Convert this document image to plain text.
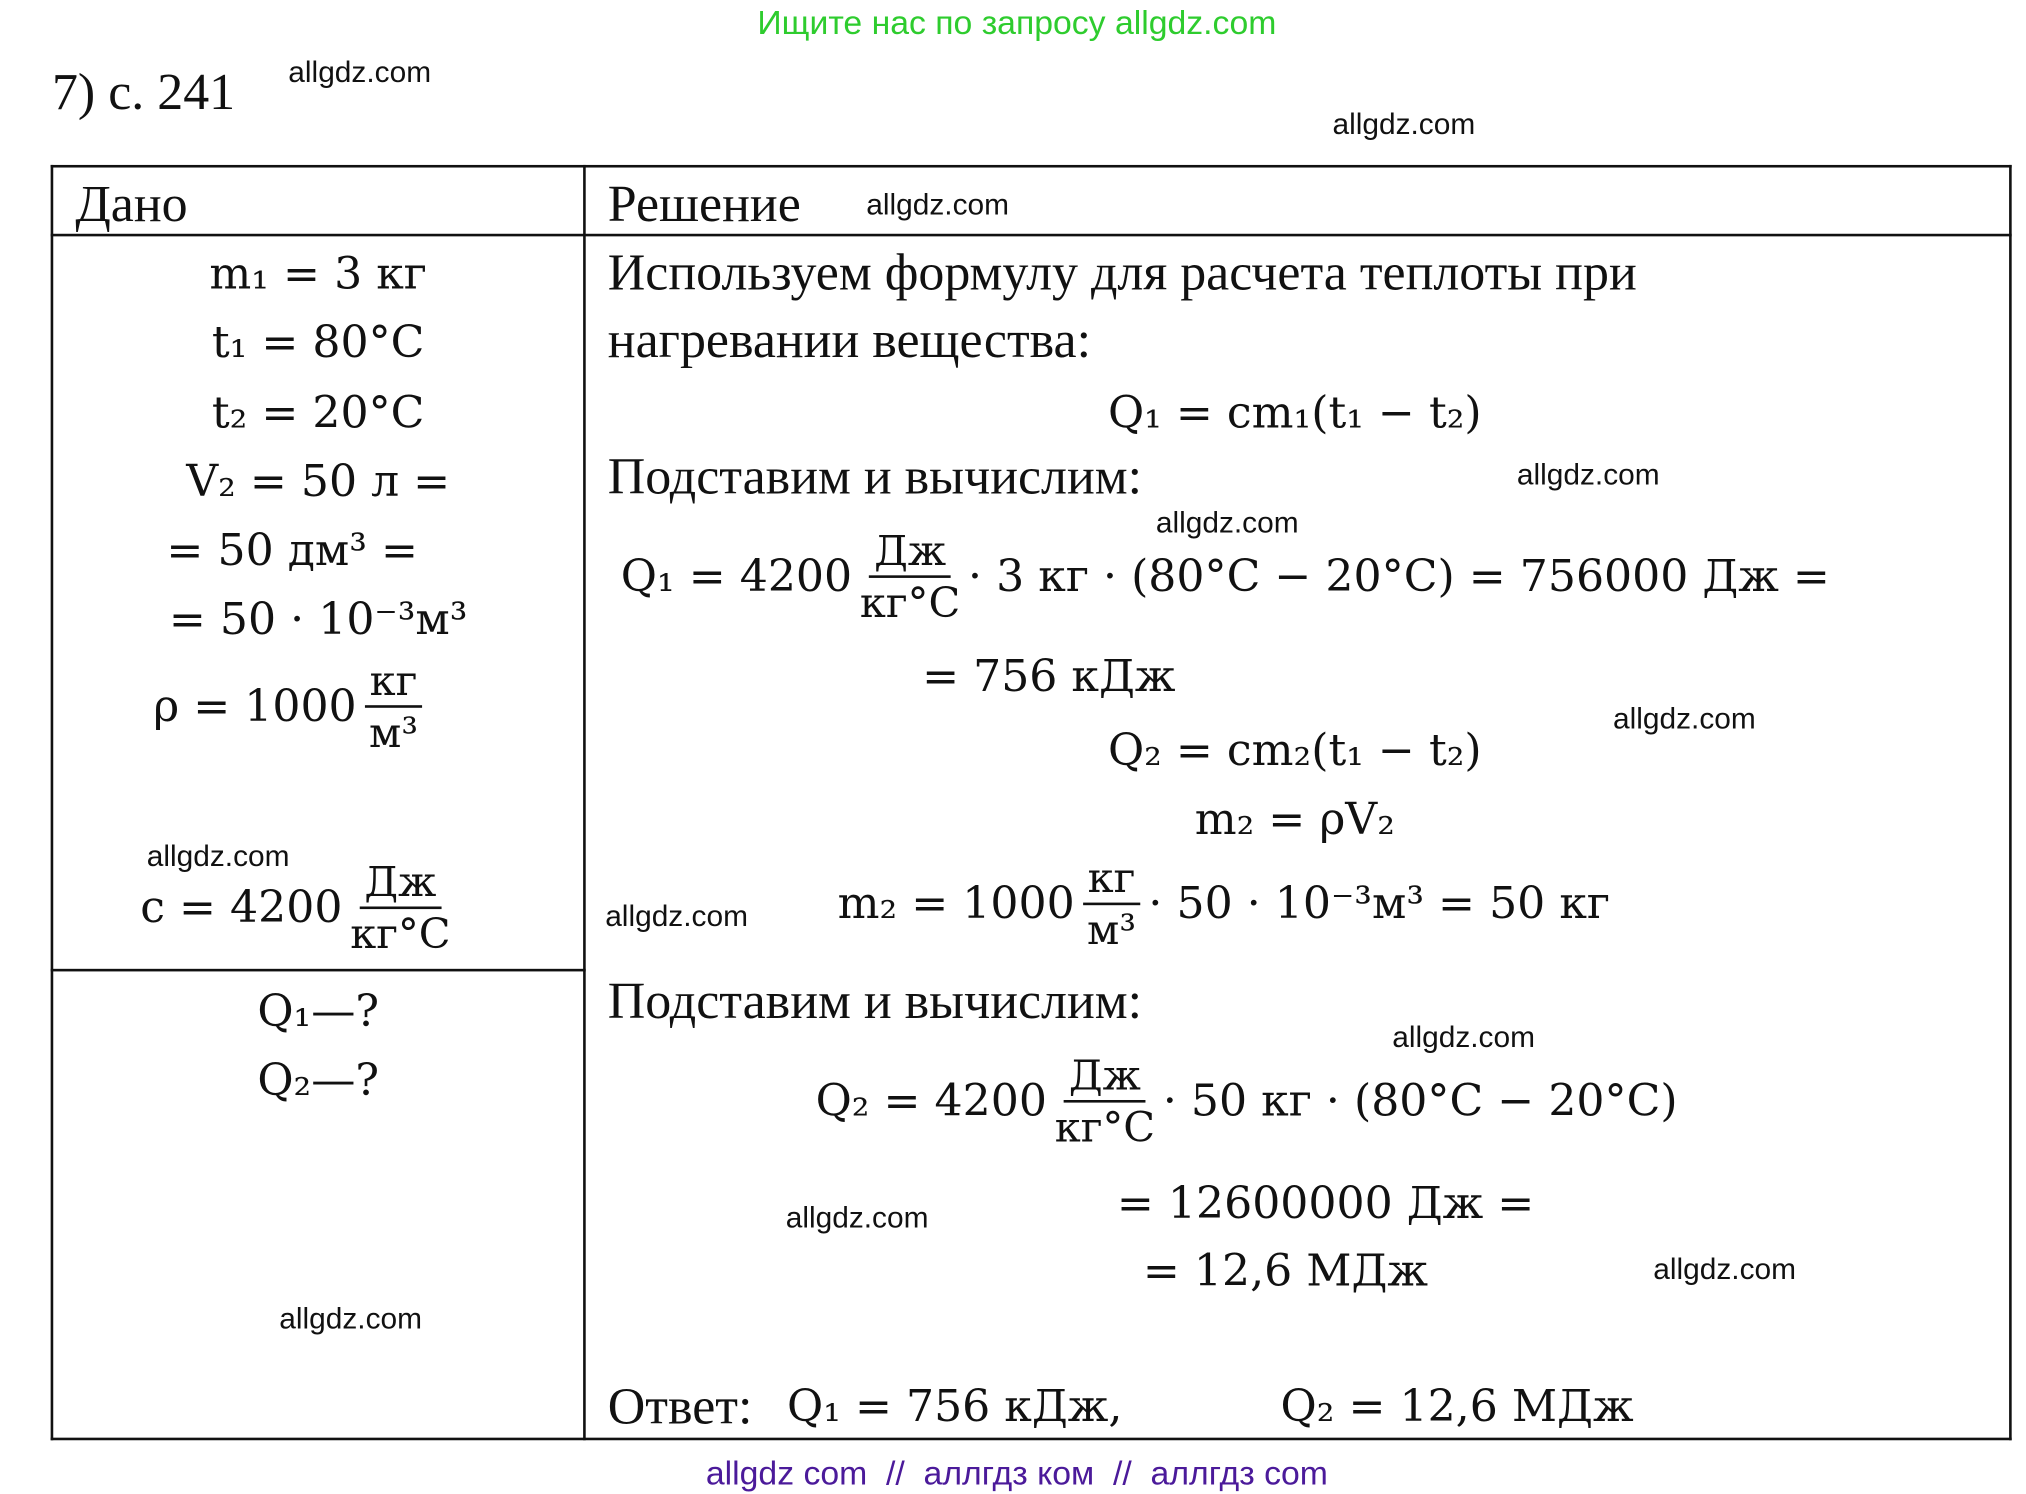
Ищите нас по запросу allgdz.com
7) с. 241 allgdz.com
allgdz.com
allgdz.com
allgdz.com
allgdz.com
allgdz.com
allgdz.com
allgdz.com
allgdz.com
allgdz.com
allgdz.com
allgdz.com
Дано	Решение
m₁ = 3 кг
t₁ = 80°C
t₂ = 20°C
V₂ = 50 л =
= 50 дм³ =
= 50 · 10⁻³м³
$\rho = 1000 \frac{кг}{\text{м³}}$
$c = 4200 \frac{Дж}{кг^\circ C}$
Q₁—?
Q₂—?
Используем формулу для расчета теплоты при
нагревании вещества:
Q₁ = cm₁(t₁ − t₂)
Подставим и вычислим:
$Q_1 = 4200 \frac{Дж}{кг^\circ C} \cdot 3$ кг · (80°C − 20°C) = 756000 Дж =
= 756 кДж
Q₂ = cm₂(t₁ − t₂)
m₂ = ρV₂
$m_2 = 1000 \frac{кг}{\text{м³}} \cdot 50 \cdot 10^{-3}м^3 = 50$ кг
Подставим и вычислим:
$Q_2 = 4200 \frac{Дж}{кг^\circ C} \cdot 50$ кг · (80°C − 20°C)
= 12600000 Дж =
= 12,6 МДж
Ответ: Q₁ = 756 кДж,	Q₂ = 12,6 МДж
allgdz com  //  аллгдз ком  //  аллгдз com
